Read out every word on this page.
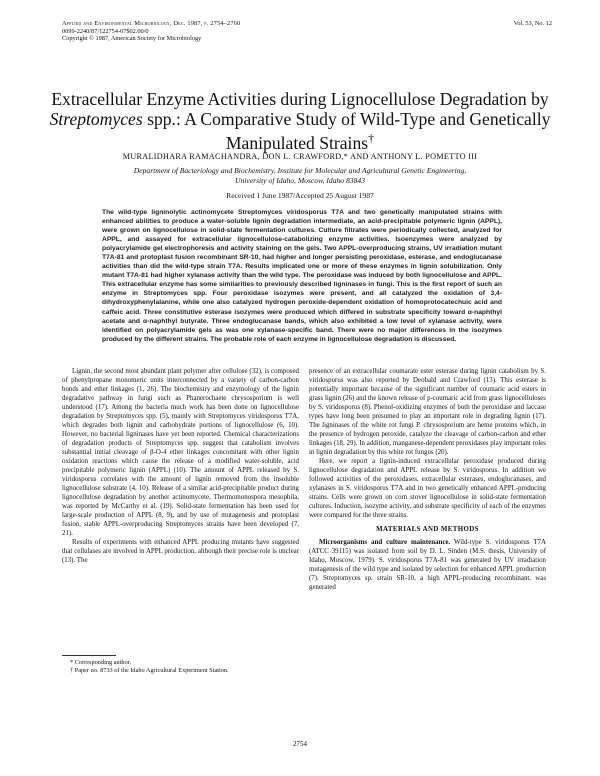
Applied and Environmental Microbiology, Dec. 1987, p. 2754–2760
0099-2240/87/122754-07$02.00/0
Copyright © 1987, American Society for Microbiology
Vol. 53, No. 12
Extracellular Enzyme Activities during Lignocellulose Degradation by Streptomyces spp.: A Comparative Study of Wild-Type and Genetically Manipulated Strains†
MURALIDHARA RAMACHANDRA, DON L. CRAWFORD,* AND ANTHONY L. POMETTO III
Department of Bacteriology and Biochemistry, Institute for Molecular and Agricultural Genetic Engineering,
University of Idaho, Moscow, Idaho 83843
Received 1 June 1987/Accepted 25 August 1987

The wild-type ligninolytic actinomycete Streptomyces viridosporus T7A and two genetically manipulated strains with enhanced abilities to produce a water-soluble lignin degradation intermediate, an acid-precipitable polymeric lignin (APPL), were grown on lignocellulose in solid-state fermentation cultures. Culture filtrates were periodically collected, analyzed for APPL, and assayed for extracellular lignocellulose-catabolizing enzyme activities. Isoenzymes were analyzed by polyacrylamide gel electrophoresis and activity staining on the gels. Two APPL-overproducing strains, UV irradiation mutant T7A-81 and protoplast fusion recombinant SR-10, had higher and longer persisting peroxidase, esterase, and endoglucanase activities than did the wild-type strain T7A. Results implicated one or more of these enzymes in lignin solubilization. Only mutant T7A-81 had higher xylanase activity than the wild type. The peroxidase was induced by both lignocellulose and APPL. This extracellular enzyme has some similarities to previously described ligninases in fungi. This is the first report of such an enzyme in Streptomyces spp. Four peroxidase isozymes were present, and all catalyzed the oxidation of 3,4-dihydroxyphenylalanine, while one also catalyzed hydrogen peroxide-dependent oxidation of homoprotocatechuic acid and caffeic acid. Three constitutive esterase isozymes were produced which differed in substrate specificity toward α-naphthyl acetate and α-naphthyl butyrate. Three endoglucanase bands, which also exhibited a low level of xylanase activity, were identified on polyacrylamide gels as was one xylanase-specific band. There were no major differences in the isozymes produced by the different strains. The probable role of each enzyme in lignocellulose degradation is discussed.

Lignin, the second most abundant plant polymer after cellulose (32), is composed of phenylpropane monomeric units interconnected by a variety of carbon-carbon bonds and ether linkages (1, 26). The biochemistry and enzymology of the lignin degradative pathway in fungi such as Phanerochaete chrysosporium is well understood (17). Among the bacteria much work has been done on lignocellulose degradation by Streptomyces spp. (5), mainly with Streptomyces viridosporus T7A, which degrades both lignin and carbohydrate portions of lignocellulose (6, 10). However, no bacterial ligninases have yet been reported. Chemical characterizations of degradation products of Streptomyces spp. suggest that catabolism involves substantial initial cleavage of β-O-4 ether linkages concomitant with other lignin oxidation reactions which cause the release of a modified water-soluble, acid precipitable polymeric lignin (APPL) (10). The amount of APPL released by S. viridosporus correlates with the amount of lignin removed from the insoluble lignocellulose substrate (4, 10). Release of a similar acid-precipitable product during lignocellulose degradation by another actinomycete, Thermomonospora mesophila, was reported by McCarthy et al. (19). Solid-state fermentation has been used for large-scale production of APPL (8, 9), and by use of mutagenesis and protoplast fusion, stable APPL-overproducing Streptomyces strains have been developed (7, 21).

Results of experiments with enhanced APPL producing mutants have suggested that cellulases are involved in APPL production, although their precise role is unclear (13). The

presence of an extracellular coumarate ester esterase during lignin catabolism by S. viridosporus was also reported by Deobald and Crawford (13). This esterase is potentially important because of the significant number of coumaric acid esters in grass lignin (26) and the known release of p-coumaric acid from grass lignocelluloses by S. viridosporus (8). Phenol-oxidizing enzymes of both the peroxidase and laccase types have long been presumed to play an important role in degrading lignin (17). The ligninases of the white rot fungi P. chrysosporium are heme proteins which, in the presence of hydrogen peroxide, catalyze the cleavage of carbon-carbon and ether linkages (18, 29). In addition, manganese-dependent peroxidases play important roles in lignin degradation by this white rot fungus (20).

Here, we report a lignin-induced extracellular peroxidase produced during lignocellulose degradation and APPL release by S. viridosporus. In addition we followed activities of the peroxidases, extracellular esterases, endoglucanases, and xylanases in S. viridosporus T7A and in two genetically enhanced APPL-producing strains. Cells were grown on corn stover lignocellulose in solid-state fermentation cultures. Induction, isozyme activity, and substrate specificity of each of the enzymes were compared for the three strains.

MATERIALS AND METHODS

Microorganisms and culture maintenance. Wild-type S. viridosporus T7A (ATCC 39115) was isolated from soil by D. L. Sinden (M.S. thesis, University of Idaho, Moscow, 1979). S. viridosporus T7A-81 was generated by UV irradiation mutagenesis of the wild type and isolated by selection for enhanced APPL production (7). Streptomyces sp. strain SR-10, a high APPL-producing recombinant, was generated

* Corresponding author.
† Paper no. 8733 of the Idaho Agricultural Experiment Station.
2754
